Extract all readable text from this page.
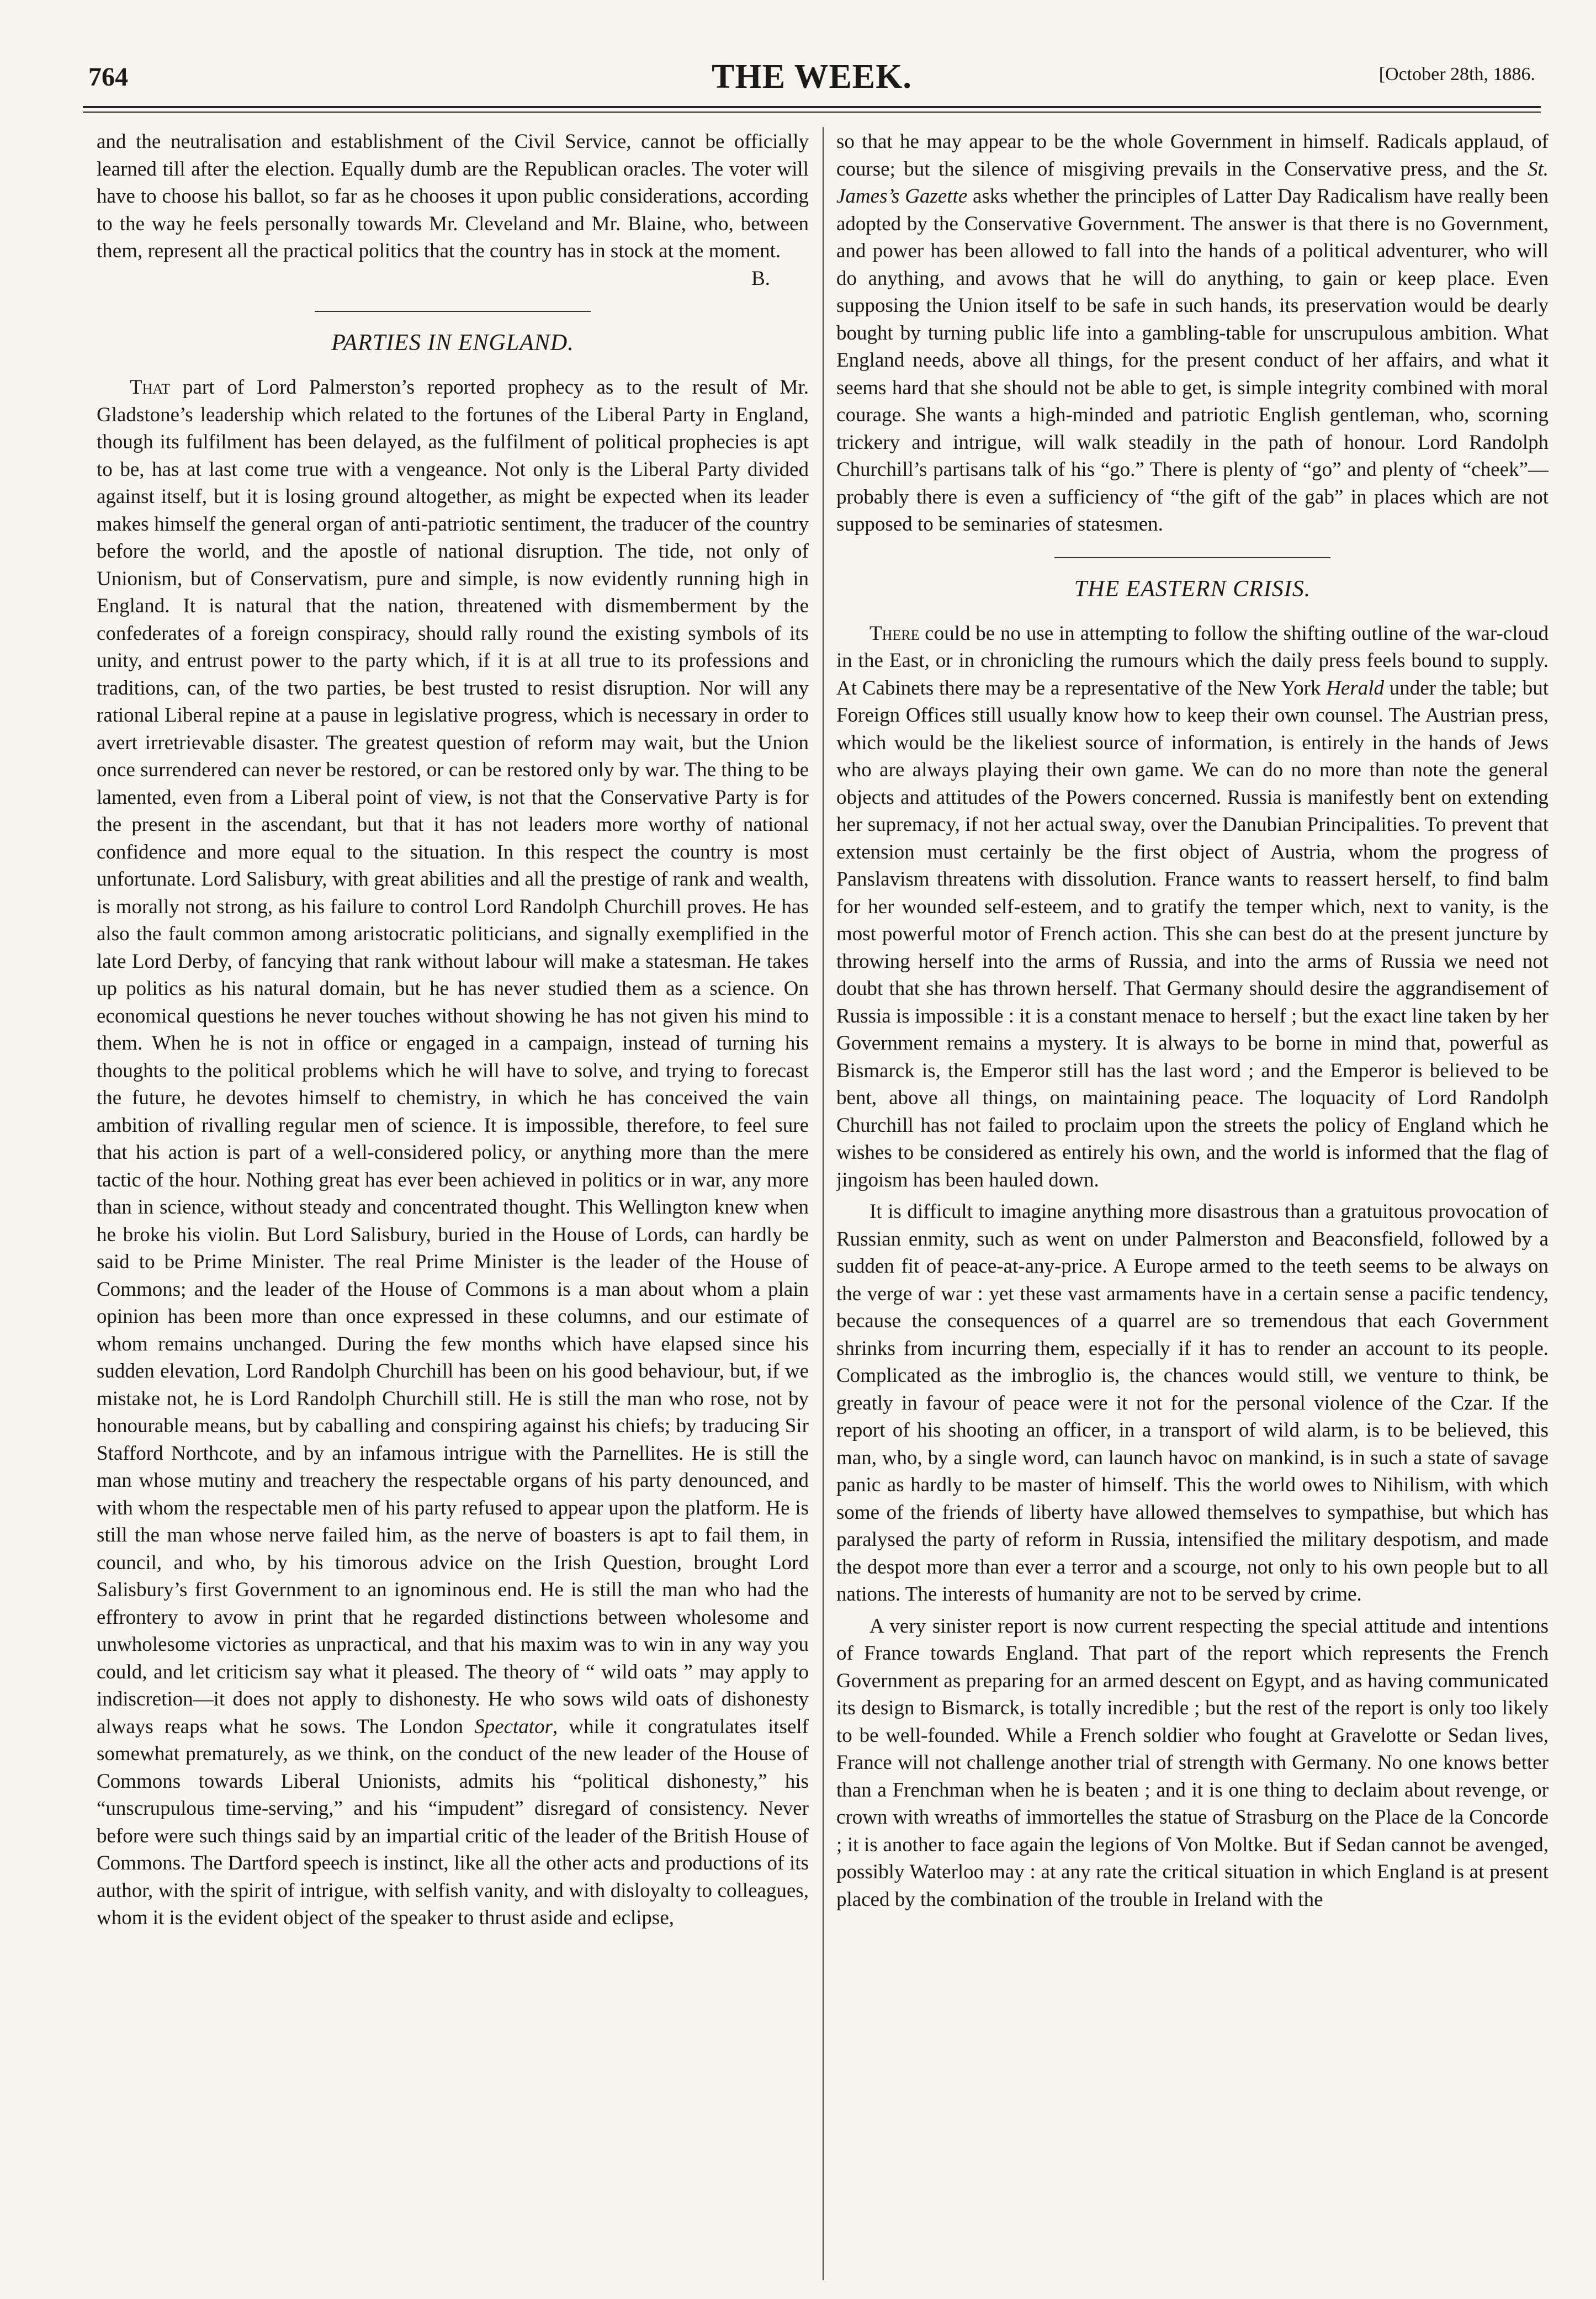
764	THE WEEK.	[October 28th, 1886.

and the neutralisation and establishment of the Civil Service, cannot be officially learned till after the election. Equally dumb are the Republican oracles. The voter will have to choose his ballot, so far as he chooses it upon public considerations, according to the way he feels personally towards Mr. Cleveland and Mr. Blaine, who, between them, represent all the practical politics that the country has in stock at the moment.
B.

PARTIES IN ENGLAND.

That part of Lord Palmerston’s reported prophecy as to the result of Mr. Gladstone’s leadership which related to the fortunes of the Liberal Party in England, though its fulfilment has been delayed, as the fulfilment of political prophecies is apt to be, has at last come true with a vengeance. Not only is the Liberal Party divided against itself, but it is losing ground altogether, as might be expected when its leader makes himself the general organ of anti-patriotic sentiment, the traducer of the country before the world, and the apostle of national disruption. The tide, not only of Unionism, but of Conservatism, pure and simple, is now evidently running high in England. It is natural that the nation, threatened with dismemberment by the confederates of a foreign conspiracy, should rally round the existing symbols of its unity, and entrust power to the party which, if it is at all true to its professions and traditions, can, of the two parties, be best trusted to resist disruption. Nor will any rational Liberal repine at a pause in legislative progress, which is necessary in order to avert irretrievable disaster. The greatest question of reform may wait, but the Union once surrendered can never be restored, or can be restored only by war. The thing to be lamented, even from a Liberal point of view, is not that the Conservative Party is for the present in the ascendant, but that it has not leaders more worthy of national confidence and more equal to the situation. In this respect the country is most unfortunate. Lord Salisbury, with great abilities and all the prestige of rank and wealth, is morally not strong, as his failure to control Lord Randolph Churchill proves. He has also the fault common among aristocratic politicians, and signally exemplified in the late Lord Derby, of fancying that rank without labour will make a statesman. He takes up politics as his natural domain, but he has never studied them as a science. On economical questions he never touches without showing he has not given his mind to them. When he is not in office or engaged in a campaign, instead of turning his thoughts to the political problems which he will have to solve, and trying to forecast the future, he devotes himself to chemistry, in which he has conceived the vain ambition of rivalling regular men of science. It is impossible, therefore, to feel sure that his action is part of a well-considered policy, or anything more than the mere tactic of the hour. Nothing great has ever been achieved in politics or in war, any more than in science, without steady and concentrated thought. This Wellington knew when he broke his violin. But Lord Salisbury, buried in the House of Lords, can hardly be said to be Prime Minister. The real Prime Minister is the leader of the House of Commons; and the leader of the House of Commons is a man about whom a plain opinion has been more than once expressed in these columns, and our estimate of whom remains unchanged. During the few months which have elapsed since his sudden elevation, Lord Randolph Churchill has been on his good behaviour, but, if we mistake not, he is Lord Randolph Churchill still. He is still the man who rose, not by honourable means, but by caballing and conspiring against his chiefs; by traducing Sir Stafford Northcote, and by an infamous intrigue with the Parnellites. He is still the man whose mutiny and treachery the respectable organs of his party denounced, and with whom the respectable men of his party refused to appear upon the platform. He is still the man whose nerve failed him, as the nerve of boasters is apt to fail them, in council, and who, by his timorous advice on the Irish Question, brought Lord Salisbury’s first Government to an ignominous end. He is still the man who had the effrontery to avow in print that he regarded distinctions between wholesome and unwholesome victories as unpractical, and that his maxim was to win in any way you could, and let criticism say what it pleased. The theory of “ wild oats ” may apply to indiscretion—it does not apply to dishonesty. He who sows wild oats of dishonesty always reaps what he sows. The London Spectator, while it congratulates itself somewhat prematurely, as we think, on the conduct of the new leader of the House of Commons towards Liberal Unionists, admits his “political dishonesty,” his “unscrupulous time-serving,” and his “impudent” disregard of consistency. Never before were such things said by an impartial critic of the leader of the British House of Commons. The Dartford speech is instinct, like all the other acts and productions of its author, with the spirit of intrigue, with selfish vanity, and with disloyalty to colleagues, whom it is the evident object of the speaker to thrust aside and eclipse,

so that he may appear to be the whole Government in himself. Radicals applaud, of course; but the silence of misgiving prevails in the Conservative press, and the St. James’s Gazette asks whether the principles of Latter Day Radicalism have really been adopted by the Conservative Government. The answer is that there is no Government, and power has been allowed to fall into the hands of a political adventurer, who will do anything, and avows that he will do anything, to gain or keep place. Even supposing the Union itself to be safe in such hands, its preservation would be dearly bought by turning public life into a gambling-table for unscrupulous ambition. What England needs, above all things, for the present conduct of her affairs, and what it seems hard that she should not be able to get, is simple integrity combined with moral courage. She wants a high-minded and patriotic English gentleman, who, scorning trickery and intrigue, will walk steadily in the path of honour. Lord Randolph Churchill’s partisans talk of his “go.” There is plenty of “go” and plenty of “cheek”—probably there is even a sufficiency of “the gift of the gab” in places which are not supposed to be seminaries of statesmen.

THE EASTERN CRISIS.

There could be no use in attempting to follow the shifting outline of the war-cloud in the East, or in chronicling the rumours which the daily press feels bound to supply. At Cabinets there may be a representative of the New York Herald under the table; but Foreign Offices still usually know how to keep their own counsel. The Austrian press, which would be the likeliest source of information, is entirely in the hands of Jews who are always playing their own game. We can do no more than note the general objects and attitudes of the Powers concerned. Russia is manifestly bent on extending her supremacy, if not her actual sway, over the Danubian Principalities. To prevent that extension must certainly be the first object of Austria, whom the progress of Panslavism threatens with dissolution. France wants to reassert herself, to find balm for her wounded self-esteem, and to gratify the temper which, next to vanity, is the most powerful motor of French action. This she can best do at the present juncture by throwing herself into the arms of Russia, and into the arms of Russia we need not doubt that she has thrown herself. That Germany should desire the aggrandisement of Russia is impossible : it is a constant menace to herself ; but the exact line taken by her Government remains a mystery. It is always to be borne in mind that, powerful as Bismarck is, the Emperor still has the last word ; and the Emperor is believed to be bent, above all things, on maintaining peace. The loquacity of Lord Randolph Churchill has not failed to proclaim upon the streets the policy of England which he wishes to be considered as entirely his own, and the world is informed that the flag of jingoism has been hauled down.

It is difficult to imagine anything more disastrous than a gratuitous provocation of Russian enmity, such as went on under Palmerston and Beaconsfield, followed by a sudden fit of peace-at-any-price. A Europe armed to the teeth seems to be always on the verge of war : yet these vast armaments have in a certain sense a pacific tendency, because the consequences of a quarrel are so tremendous that each Government shrinks from incurring them, especially if it has to render an account to its people. Complicated as the imbroglio is, the chances would still, we venture to think, be greatly in favour of peace were it not for the personal violence of the Czar. If the report of his shooting an officer, in a transport of wild alarm, is to be believed, this man, who, by a single word, can launch havoc on mankind, is in such a state of savage panic as hardly to be master of himself. This the world owes to Nihilism, with which some of the friends of liberty have allowed themselves to sympathise, but which has paralysed the party of reform in Russia, intensified the military despotism, and made the despot more than ever a terror and a scourge, not only to his own people but to all nations. The interests of humanity are not to be served by crime.

A very sinister report is now current respecting the special attitude and intentions of France towards England. That part of the report which represents the French Government as preparing for an armed descent on Egypt, and as having communicated its design to Bismarck, is totally incredible ; but the rest of the report is only too likely to be well-founded. While a French soldier who fought at Gravelotte or Sedan lives, France will not challenge another trial of strength with Germany. No one knows better than a Frenchman when he is beaten ; and it is one thing to declaim about revenge, or crown with wreaths of immortelles the statue of Strasburg on the Place de la Concorde ; it is another to face again the legions of Von Moltke. But if Sedan cannot be avenged, possibly Waterloo may : at any rate the critical situation in which England is at present placed by the combination of the trouble in Ireland with the
